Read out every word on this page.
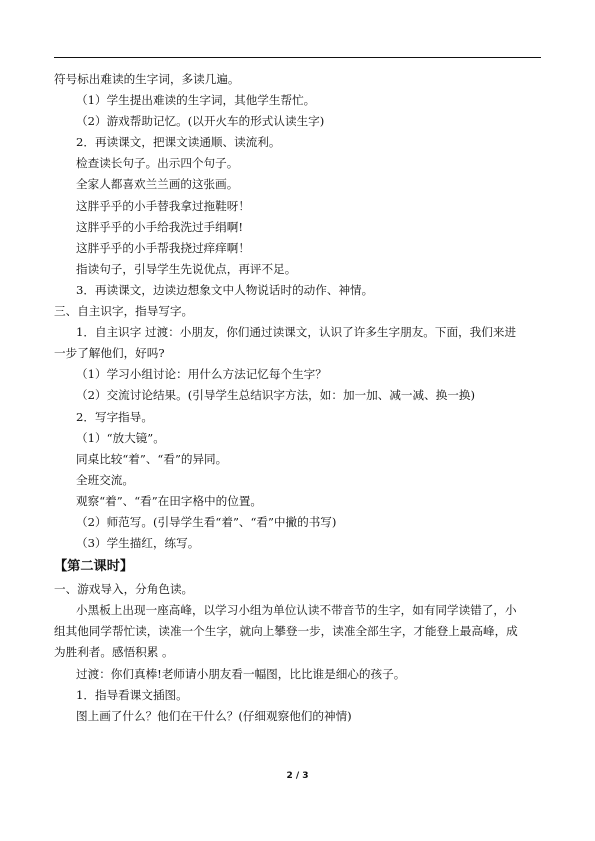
符号标出难读的生字词，多读几遍。
（1）学生提出难读的生字词，其他学生帮忙。
（2）游戏帮助记忆。(以开火车的形式认读生字)
2．再读课文，把课文读通顺、读流利。
检查读长句子。出示四个句子。
全家人都喜欢兰兰画的这张画。
这胖乎乎的小手替我拿过拖鞋呀！
这胖乎乎的小手给我洗过手绢啊!
这胖乎乎的小手帮我挠过痒痒啊！
指读句子，引导学生先说优点，再评不足。
3．再读课文，边读边想象文中人物说话时的动作、神情。
三、自主识字，指导写字。
1．自主识字 过渡：小朋友，你们通过读课文，认识了许多生字朋友。下面，我们来进
一步了解他们，好吗?
（1）学习小组讨论：用什么方法记忆每个生字？
（2）交流讨论结果。(引导学生总结识字方法，如：加一加、减一减、换一换)
2．写字指导。
（1）“放大镜”。
同桌比较“着”、“看”的异同。
全班交流。
观察“着”、“看”在田字格中的位置。
（2）师范写。(引导学生看“着”、“看”中撇的书写)
（3）学生描红，练写。
【第二课时】
一、游戏导入，分角色读。
小黑板上出现一座高峰，以学习小组为单位认读不带音节的生字，如有同学读错了，小
组其他同学帮忙读，读准一个生字，就向上攀登一步，读准全部生字，才能登上最高峰，成
为胜利者。感悟积累 。
过渡：你们真棒!老师请小朋友看一幅图，比比谁是细心的孩子。
1．指导看课文插图。
图上画了什么？他们在干什么？(仔细观察他们的神情)
2 / 3
